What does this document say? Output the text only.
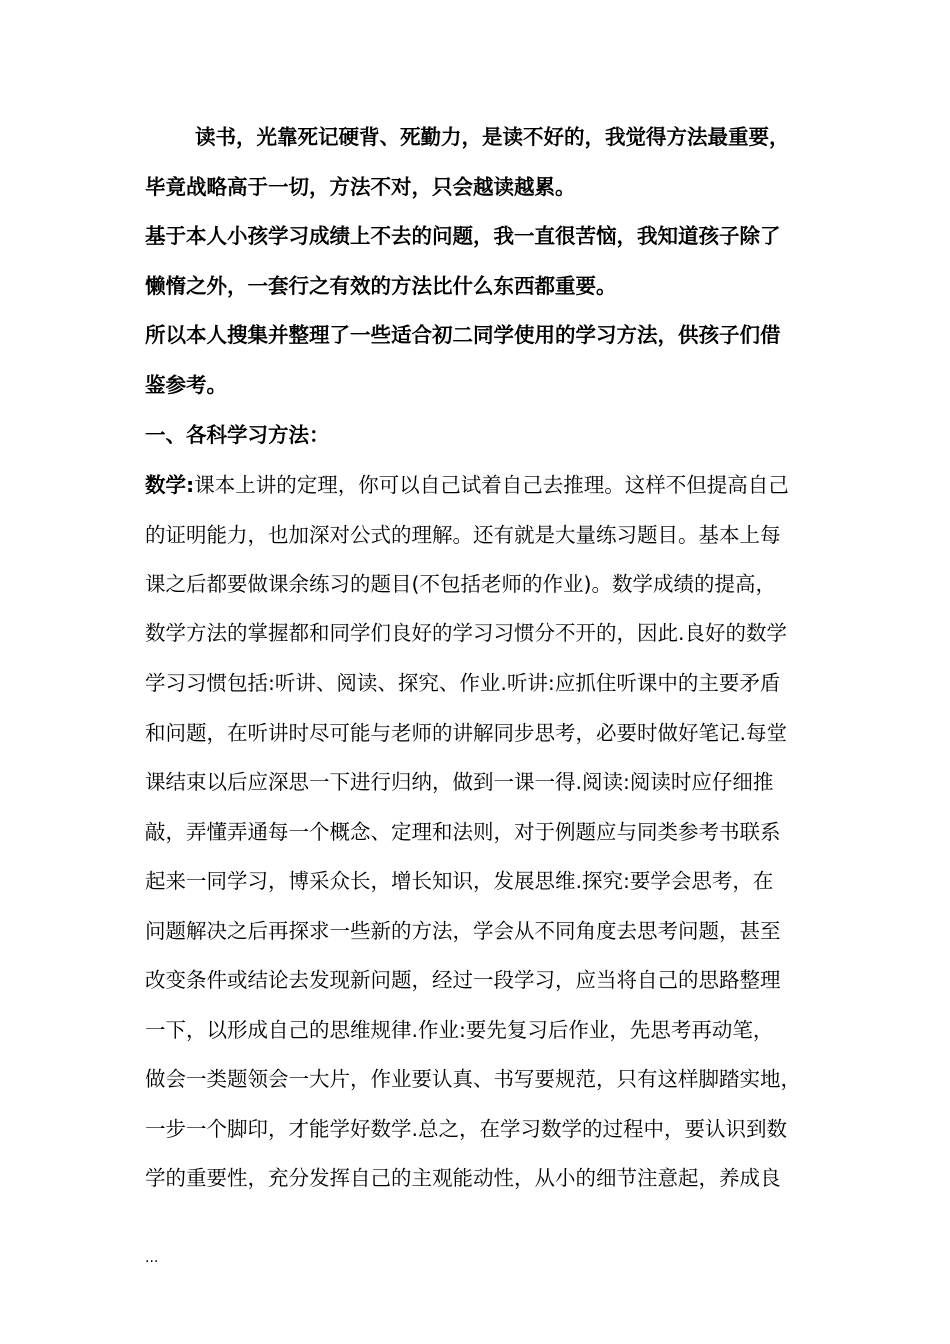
读书，光靠死记硬背、死勤力，是读不好的，我觉得方法最重要，
毕竟战略高于一切，方法不对，只会越读越累。
基于本人小孩学习成绩上不去的问题，我一直很苦恼，我知道孩子除了
懒惰之外，一套行之有效的方法比什么东西都重要。
所以本人搜集并整理了一些适合初二同学使用的学习方法，供孩子们借
鉴参考。
一、各科学习方法：
数学:课本上讲的定理，你可以自己试着自己去推理。这样不但提高自己
的证明能力，也加深对公式的理解。还有就是大量练习题目。基本上每
课之后都要做课余练习的题目(不包括老师的作业)。数学成绩的提高，
数学方法的掌握都和同学们良好的学习习惯分不开的，因此.良好的数学
学习习惯包括:听讲、阅读、探究、作业.听讲:应抓住听课中的主要矛盾
和问题，在听讲时尽可能与老师的讲解同步思考，必要时做好笔记.每堂
课结束以后应深思一下进行归纳，做到一课一得.阅读:阅读时应仔细推
敲，弄懂弄通每一个概念、定理和法则，对于例题应与同类参考书联系
起来一同学习，博采众长，增长知识，发展思维.探究:要学会思考，在
问题解决之后再探求一些新的方法，学会从不同角度去思考问题，甚至
改变条件或结论去发现新问题，经过一段学习，应当将自己的思路整理
一下，以形成自己的思维规律.作业:要先复习后作业，先思考再动笔，
做会一类题领会一大片，作业要认真、书写要规范，只有这样脚踏实地，
一步一个脚印，才能学好数学.总之，在学习数学的过程中，要认识到数
学的重要性，充分发挥自己的主观能动性，从小的细节注意起，养成良
...
